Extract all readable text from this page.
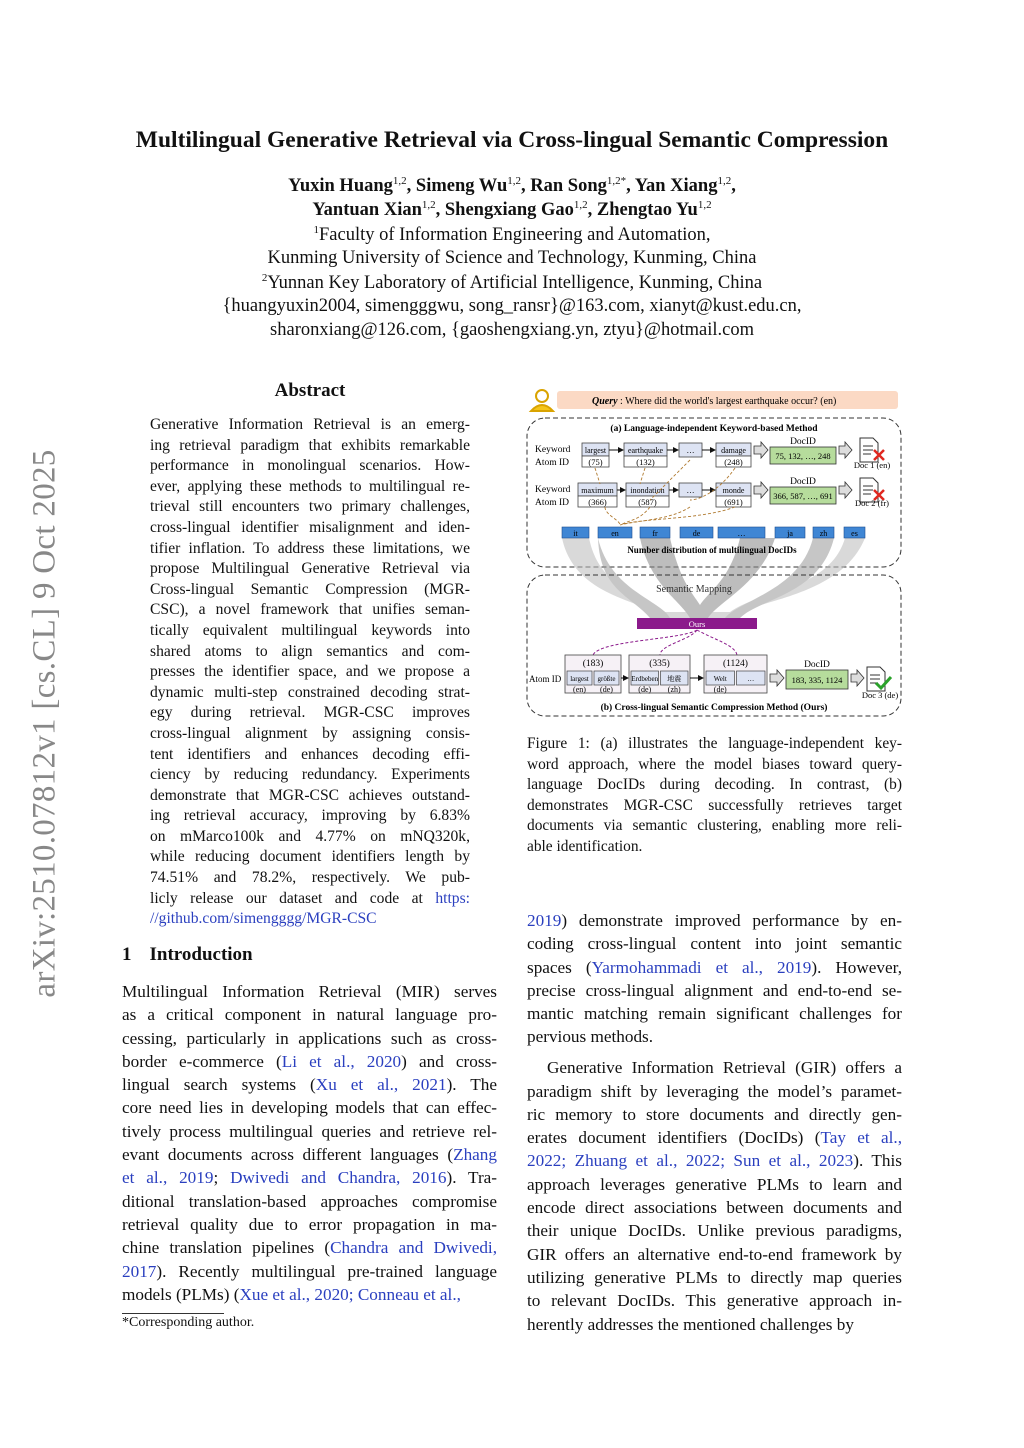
Multilingual Generative Retrieval via Cross-lingual Semantic Compression
Yuxin Huang$^{1,2}$, Simeng Wu$^{1,2}$, Ran Song$^{1,2*}$, Yan Xiang$^{1,2}$,
Yantuan Xian$^{1,2}$, Shengxiang Gao$^{1,2}$, Zhengtao Yu$^{1,2}$
$^1$Faculty of Information Engineering and Automation,
Kunming University of Science and Technology, Kunming, China
$^2$Yunnan Key Laboratory of Artificial Intelligence, Kunming, China
{huangyuxin2004, simengggwu, song_ransr}@163.com, xianyt@kust.edu.cn,
sharonxiang@126.com, {gaoshengxiang.yn, ztyu}@hotmail.com
arXiv:2510.07812v1 [cs.CL] 9 Oct 2025
Abstract
Generative Information Retrieval is an emerg-
ing retrieval paradigm that exhibits remarkable
performance in monolingual scenarios. How-
ever, applying these methods to multilingual re-
trieval still encounters two primary challenges,
cross-lingual identifier misalignment and iden-
tifier inflation. To address these limitations, we
propose Multilingual Generative Retrieval via
Cross-lingual Semantic Compression (MGR-
CSC), a novel framework that unifies seman-
tically equivalent multilingual keywords into
shared atoms to align semantics and com-
presses the identifier space, and we propose a
dynamic multi-step constrained decoding strat-
egy during retrieval. MGR-CSC improves
cross-lingual alignment by assigning consis-
tent identifiers and enhances decoding effi-
ciency by reducing redundancy. Experiments
demonstrate that MGR-CSC achieves outstand-
ing retrieval accuracy, improving by 6.83%
on mMarco100k and 4.77% on mNQ320k,
while reducing document identifiers length by
74.51% and 78.2%, respectively. We pub-
licly release our dataset and code at https:
//github.com/simengggg/MGR-CSC
1 Introduction
Multilingual Information Retrieval (MIR) serves
as a critical component in natural language pro-
cessing, particularly in applications such as cross-
border e-commerce (Li et al., 2020) and cross-
lingual search systems (Xu et al., 2021). The
core need lies in developing models that can effec-
tively process multilingual queries and retrieve rel-
evant documents across different languages (Zhang
et al., 2019; Dwivedi and Chandra, 2016). Tra-
ditional translation-based approaches compromise
retrieval quality due to error propagation in ma-
chine translation pipelines (Chandra and Dwivedi,
2017). Recently multilingual pre-trained language
models (PLMs) (Xue et al., 2020; Conneau et al.,
*Corresponding author.
2019) demonstrate improved performance by en-
coding cross-lingual content into joint semantic
spaces (Yarmohammadi et al., 2019). However,
precise cross-lingual alignment and end-to-end se-
mantic matching remain significant challenges for
pervious methods.
Generative Information Retrieval (GIR) offers a
paradigm shift by leveraging the model’s paramet-
ric memory to store documents and directly gen-
erates document identifiers (DocIDs) (Tay et al.,
2022; Zhuang et al., 2022; Sun et al., 2023). This
approach leverages generative PLMs to learn and
encode direct associations between documents and
their unique DocIDs. Unlike previous paradigms,
GIR offers an alternative end-to-end framework by
utilizing generative PLMs to directly map queries
to relevant DocIDs. This generative approach in-
herently addresses the mentioned challenges by
Figure 1: (a) illustrates the language-independent key-
word approach, where the model biases toward query-
language DocIDs during decoding. In contrast, (b)
demonstrates MGR-CSC successfully retrieves target
documents via semantic clustering, enabling more reli-
able identification.
Query : Where did the world's largest earthquake occur? (en)
(a) Language-independent Keyword-based Method
Keyword
Atom ID
largest
(75)
earthquake
(132)
…	damage
(248)
DocID
75, 132, …, 248
Doc 1 (en)
Keyword
Atom ID
maximum
(366)
inondation
(587)
…	monde
(691)
DocID
366, 587, …, 691
Doc 2 (fr)
it	en	fr	de	…	ja	zh	es
Number distribution of multilingual DocIDs
Semantic Mapping
Ours
Atom ID
(183)
largest
(en)
größte
(de)
(335)
Erdbeben
(de)
地震
(zh)
(1124)
Welt
(de)
…
DocID
183, 335, 1124
Doc 3 (de)
(b) Cross-lingual Semantic Compression Method (Ours)
